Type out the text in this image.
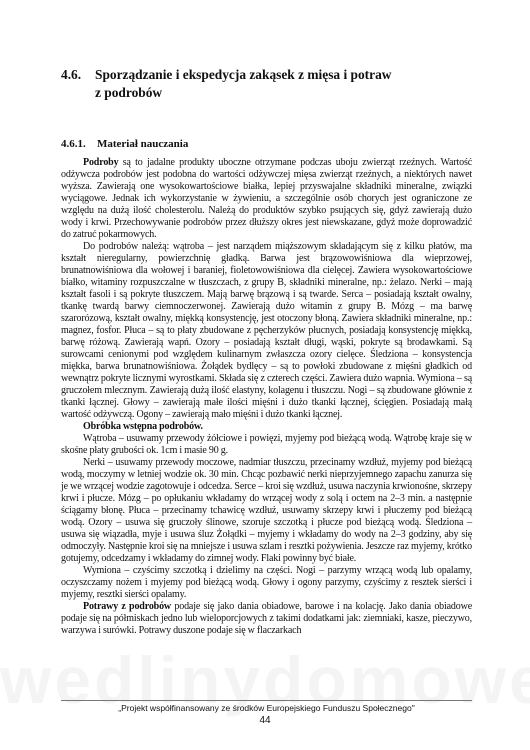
4.6. Sporządzanie i ekspedycja zakąsek z mięsa i potraw
z podrobów
4.6.1. Materiał nauczania

Podroby są to jadalne produkty uboczne otrzymane podczas uboju zwierząt rzeźnych. Wartość odżywcza podrobów jest podobna do wartości odżywczej mięsa zwierząt rzeźnych, a niektórych nawet wyższa. Zawierają one wysokowartościowe białka, lepiej przyswajalne składniki mineralne, związki wyciągowe. Jednak ich wykorzystanie w żywieniu, a szczególnie osób chorych jest ograniczone ze względu na dużą ilość cholesterolu. Należą do produktów szybko psujących się, gdyż zawierają dużo wody i krwi. Przechowywanie podrobów przez dłuższy okres jest niewskazane, gdyż może doprowadzić do zatruć pokarmowych.

Do podrobów należą: wątroba – jest narządem miąższowym składającym się z kilku płatów, ma kształt nieregularny, powierzchnię gładką. Barwa jest brązowowiśniowa dla wieprzowej, brunatnowiśniowa dla wołowej i baraniej, fioletowowiśniowa dla cielęcej. Zawiera wysokowartościowe białko, witaminy rozpuszczalne w tłuszczach, z grupy B, składniki mineralne, np.: żelazo. Nerki – mają kształt fasoli i są pokryte tłuszczem. Mają barwę brązową i są twarde. Serca – posiadają kształt owalny, tkankę twardą barwy ciemnoczerwonej. Zawierają dużo witamin z grupy B. Mózg – ma barwę szarorózową, kształt owalny, miękką konsystencję, jest otoczony błoną. Zawiera składniki mineralne, np.: magnez, fosfor. Płuca – są to płaty zbudowane z pęcherzyków płucnych, posiadają konsystencję miękką, barwę różową. Zawierają wapń. Ozory – posiadają kształt długi, wąski, pokryte są brodawkami. Są surowcami cenionymi pod względem kulinarnym zwłaszcza ozory cielęce. Śledziona – konsystencja miękka, barwa brunatnowiśniowa. Żołądek bydlęcy – są to powłoki zbudowane z mięśni gładkich od wewnątrz pokryte licznymi wyrostkami. Składa się z czterech części. Zawiera dużo wapnia. Wymiona – są gruczołem mlecznym. Zawierają dużą ilość elastyny, kolagenu i tłuszczu. Nogi – są zbudowane głównie z tkanki łącznej. Głowy – zawierają małe ilości mięśni i dużo tkanki łącznej, ścięgien. Posiadają małą wartość odżywczą. Ogony – zawierają mało mięśni i dużo tkanki łącznej.

Obróbka wstępna podrobów.

Wątroba – usuwamy przewody żółciowe i powięzi, myjemy pod bieżącą wodą. Wątrobę kraje się w skośne płaty grubości ok. 1cm i masie 90 g.

Nerki – usuwamy przewody moczowe, nadmiar tłuszczu, przecinamy wzdłuż, myjemy pod bieżącą wodą, moczymy w letniej wodzie ok. 30 min. Chcąc pozbawić nerki nieprzyjemnego zapachu zanurza się je we wrzącej wodzie zagotowuje i odcedza. Serce – kroi się wzdłuż, usuwa naczynia krwionośne, skrzepy krwi i płucze. Mózg – po opłukaniu wkładamy do wrzącej wody z solą i octem na 2–3 min. a następnie ściągamy błonę. Płuca – przecinamy tchawicę wzdłuż, usuwamy skrzepy krwi i płuczemy pod bieżącą wodą. Ozory – usuwa się gruczoły ślinowe, szoruje szczotką i płucze pod bieżącą wodą. Śledziona – usuwa się wiązadła, myje i usuwa śluz Żołądki – myjemy i wkładamy do wody na 2–3 godziny, aby się odmoczyły. Następnie kroi się na mniejsze i usuwa szlam i resztki pożywienia. Jeszcze raz myjemy, krótko gotujemy, odcedzamy i wkładamy do zimnej wody. Flaki powinny być białe.

Wymiona – czyścimy szczotką i dzielimy na części. Nogi – parzymy wrzącą wodą lub opalamy, oczyszczamy nożem i myjemy pod bieżącą wodą. Głowy i ogony parzymy, czyścimy z resztek sierści i myjemy, resztki sierści opalamy.

Potrawy z podrobów podaje się jako dania obiadowe, barowe i na kolację. Jako dania obiadowe podaje się na półmiskach jedno lub wieloporcjowych z takimi dodatkami jak: ziemniaki, kasze, pieczywo, warzywa i surówki. Potrawy duszone podaje się w flaczarkach

„Projekt współfinansowany ze środków Europejskiego Funduszu Społecznego"
44
